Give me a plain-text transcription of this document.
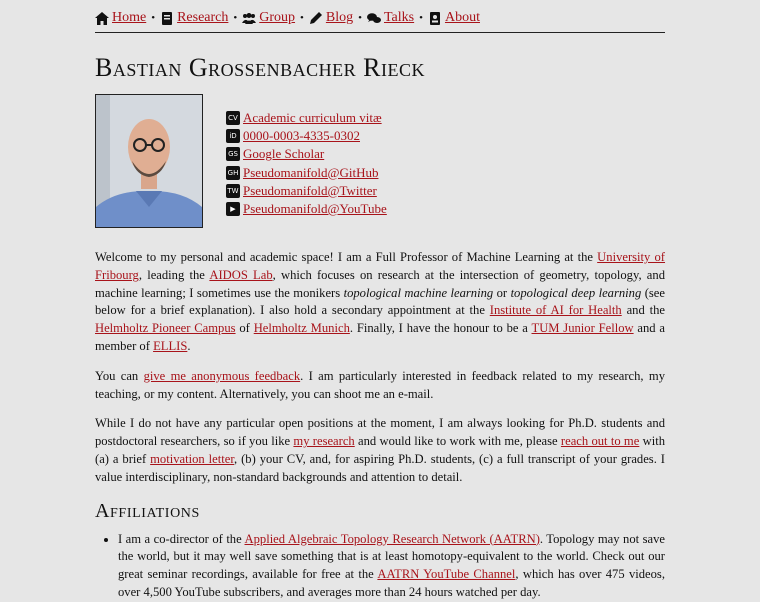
Home • Research • Group • Blog • Talks • About
Bastian Grossenbacher Rieck
CV Academic curriculum vitæ
iD 0000-0003-4335-0302
GS Google Scholar
GH Pseudomanifold@GitHub
TW Pseudomanifold@Twitter
▶ Pseudomanifold@YouTube

Welcome to my personal and academic space! I am a Full Professor of Machine Learning at the University of Fribourg, leading the AIDOS Lab, which focuses on research at the intersection of geometry, topology, and machine learning; I sometimes use the monikers topological machine learning or topological deep learning (see below for a brief explanation). I also hold a secondary appointment at the Institute of AI for Health and the Helmholtz Pioneer Campus of Helmholtz Munich. Finally, I have the honour to be a TUM Junior Fellow and a member of ELLIS.

You can give me anonymous feedback. I am particularly interested in feedback related to my research, my teaching, or my content. Alternatively, you can shoot me an e-mail.

While I do not have any particular open positions at the moment, I am always looking for Ph.D. students and postdoctoral researchers, so if you like my research and would like to work with me, please reach out to me with (a) a brief motivation letter, (b) your CV, and, for aspiring Ph.D. students, (c) a full transcript of your grades. I value interdisciplinary, non-standard backgrounds and attention to detail.

Affiliations
• I am a co-director of the Applied Algebraic Topology Research Network (AATRN). Topology may not save the world, but it may well save something that is at least homotopy-equivalent to the world. Check out our great seminar recordings, available for free at the AATRN YouTube Channel, which has over 475 videos, over 4,500 YouTube subscribers, and averages more than 24 hours watched per day.
